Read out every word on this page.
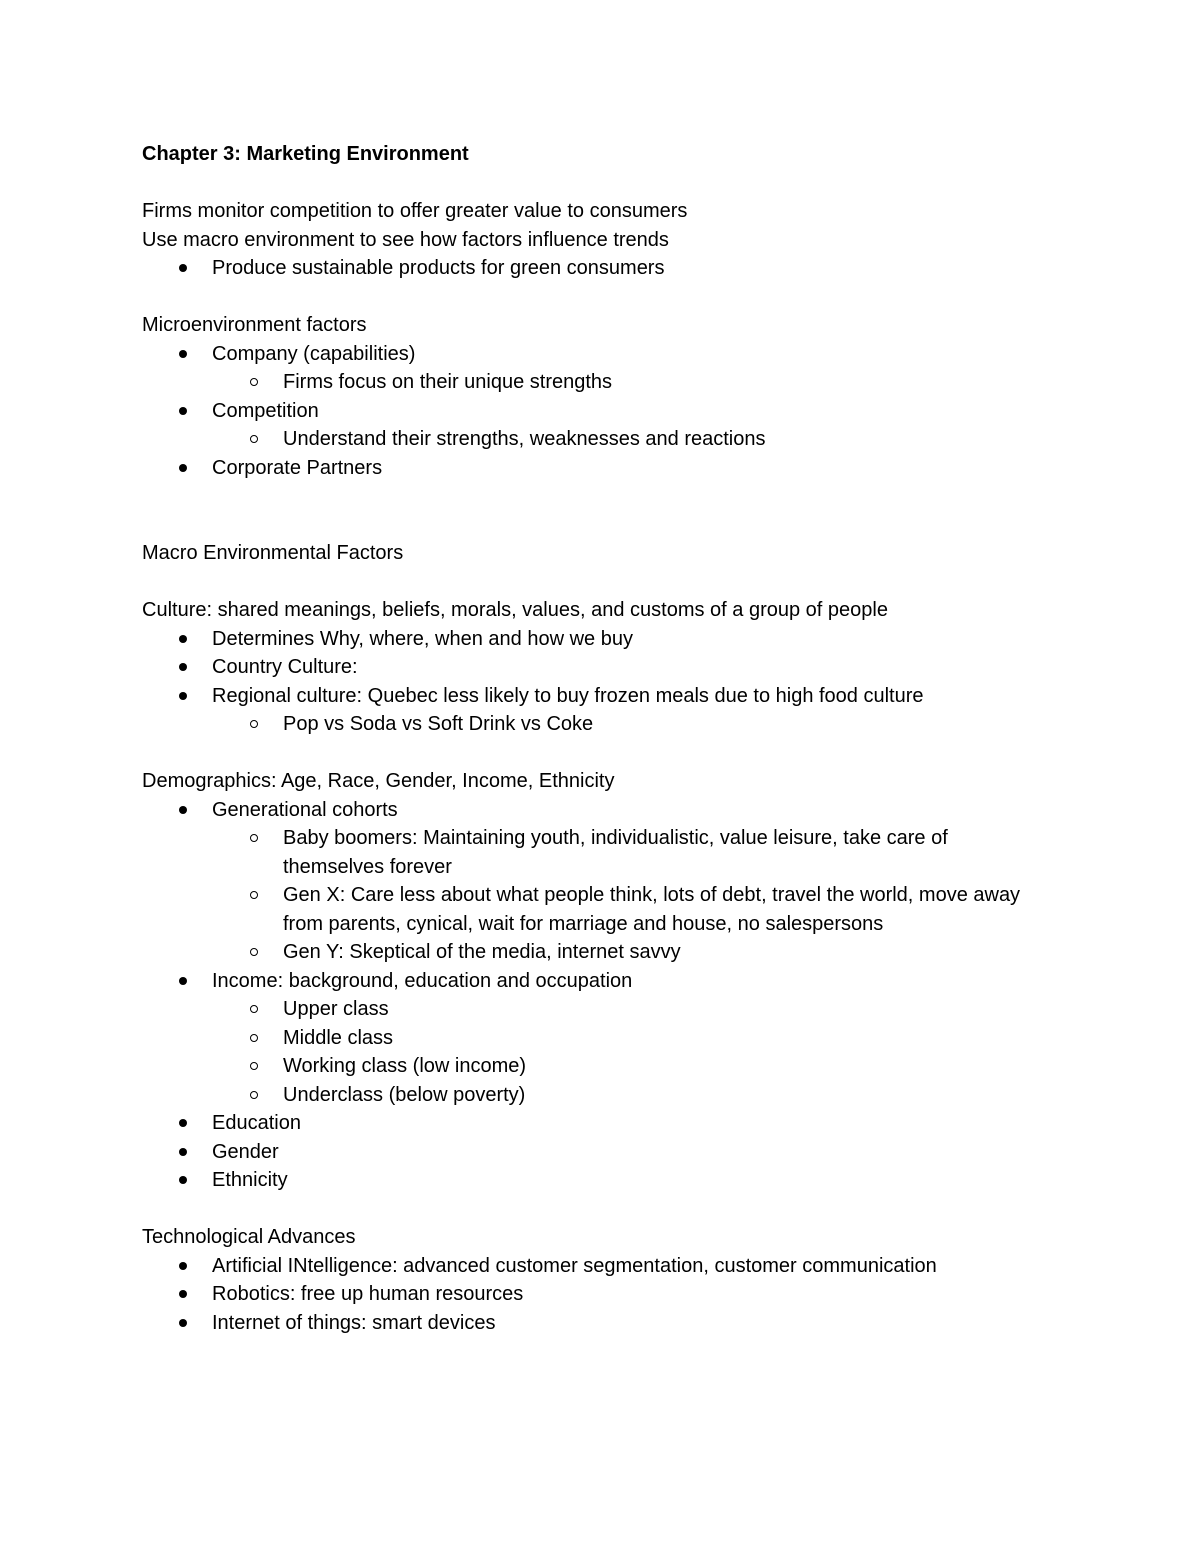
Chapter 3: Marketing Environment

Firms monitor competition to offer greater value to consumers

Use macro environment to see how factors influence trends

Produce sustainable products for green consumers

Microenvironment factors

Company (capabilities)
Firms focus on their unique strengths
Competition
Understand their strengths, weaknesses and reactions
Corporate Partners

Macro Environmental Factors

Culture: shared meanings, beliefs, morals, values, and customs of a group of people

Determines Why, where, when and how we buy
Country Culture:
Regional culture: Quebec less likely to buy frozen meals due to high food culture
Pop vs Soda vs Soft Drink vs Coke

Demographics: Age, Race, Gender, Income, Ethnicity

Generational cohorts
Baby boomers: Maintaining youth, individualistic, value leisure, take care of themselves forever
Gen X: Care less about what people think, lots of debt, travel the world, move away from parents, cynical, wait for marriage and house, no salespersons
Gen Y: Skeptical of the media, internet savvy
Income: background, education and occupation
Upper class
Middle class
Working class (low income)
Underclass (below poverty)
Education
Gender
Ethnicity

Technological Advances

Artificial INtelligence: advanced customer segmentation, customer communication
Robotics: free up human resources
Internet of things: smart devices
